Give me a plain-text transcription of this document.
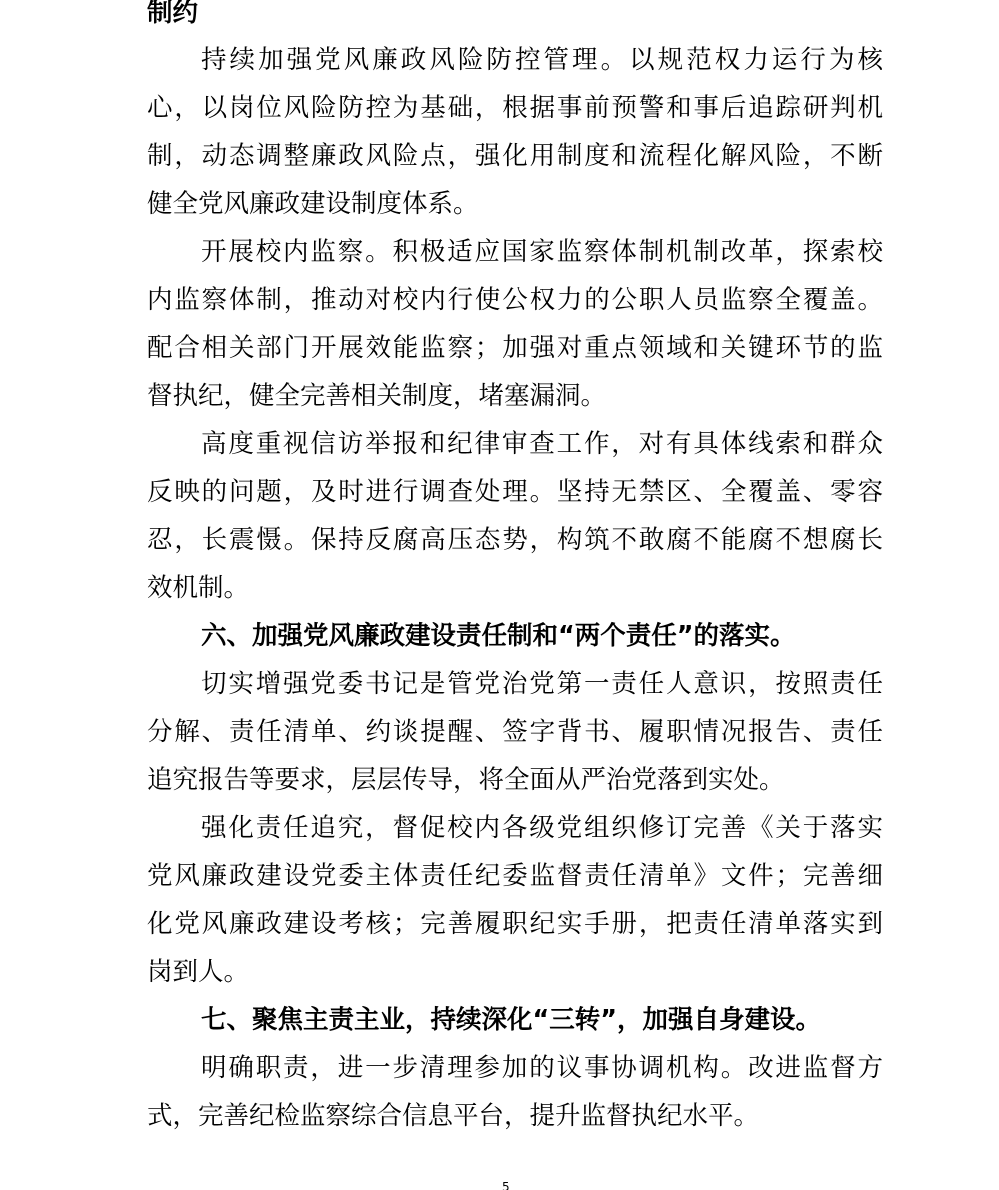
制约
持续加强党风廉政风险防控管理。以规范权力运行为核
心，以岗位风险防控为基础，根据事前预警和事后追踪研判机
制，动态调整廉政风险点，强化用制度和流程化解风险，不断
健全党风廉政建设制度体系。
开展校内监察。积极适应国家监察体制机制改革，探索校
内监察体制，推动对校内行使公权力的公职人员监察全覆盖。
配合相关部门开展效能监察；加强对重点领域和关键环节的监
督执纪，健全完善相关制度，堵塞漏洞。
高度重视信访举报和纪律审查工作，对有具体线索和群众
反映的问题，及时进行调查处理。坚持无禁区、全覆盖、零容
忍，长震慑。保持反腐高压态势，构筑不敢腐不能腐不想腐长
效机制。
六、加强党风廉政建设责任制和“两个责任”的落实。
切实增强党委书记是管党治党第一责任人意识，按照责任
分解、责任清单、约谈提醒、签字背书、履职情况报告、责任
追究报告等要求，层层传导，将全面从严治党落到实处。
强化责任追究，督促校内各级党组织修订完善《关于落实
党风廉政建设党委主体责任纪委监督责任清单》文件；完善细
化党风廉政建设考核；完善履职纪实手册，把责任清单落实到
岗到人。
七、聚焦主责主业，持续深化“三转”，加强自身建设。
明确职责，进一步清理参加的议事协调机构。改进监督方
式，完善纪检监察综合信息平台，提升监督执纪水平。
5
